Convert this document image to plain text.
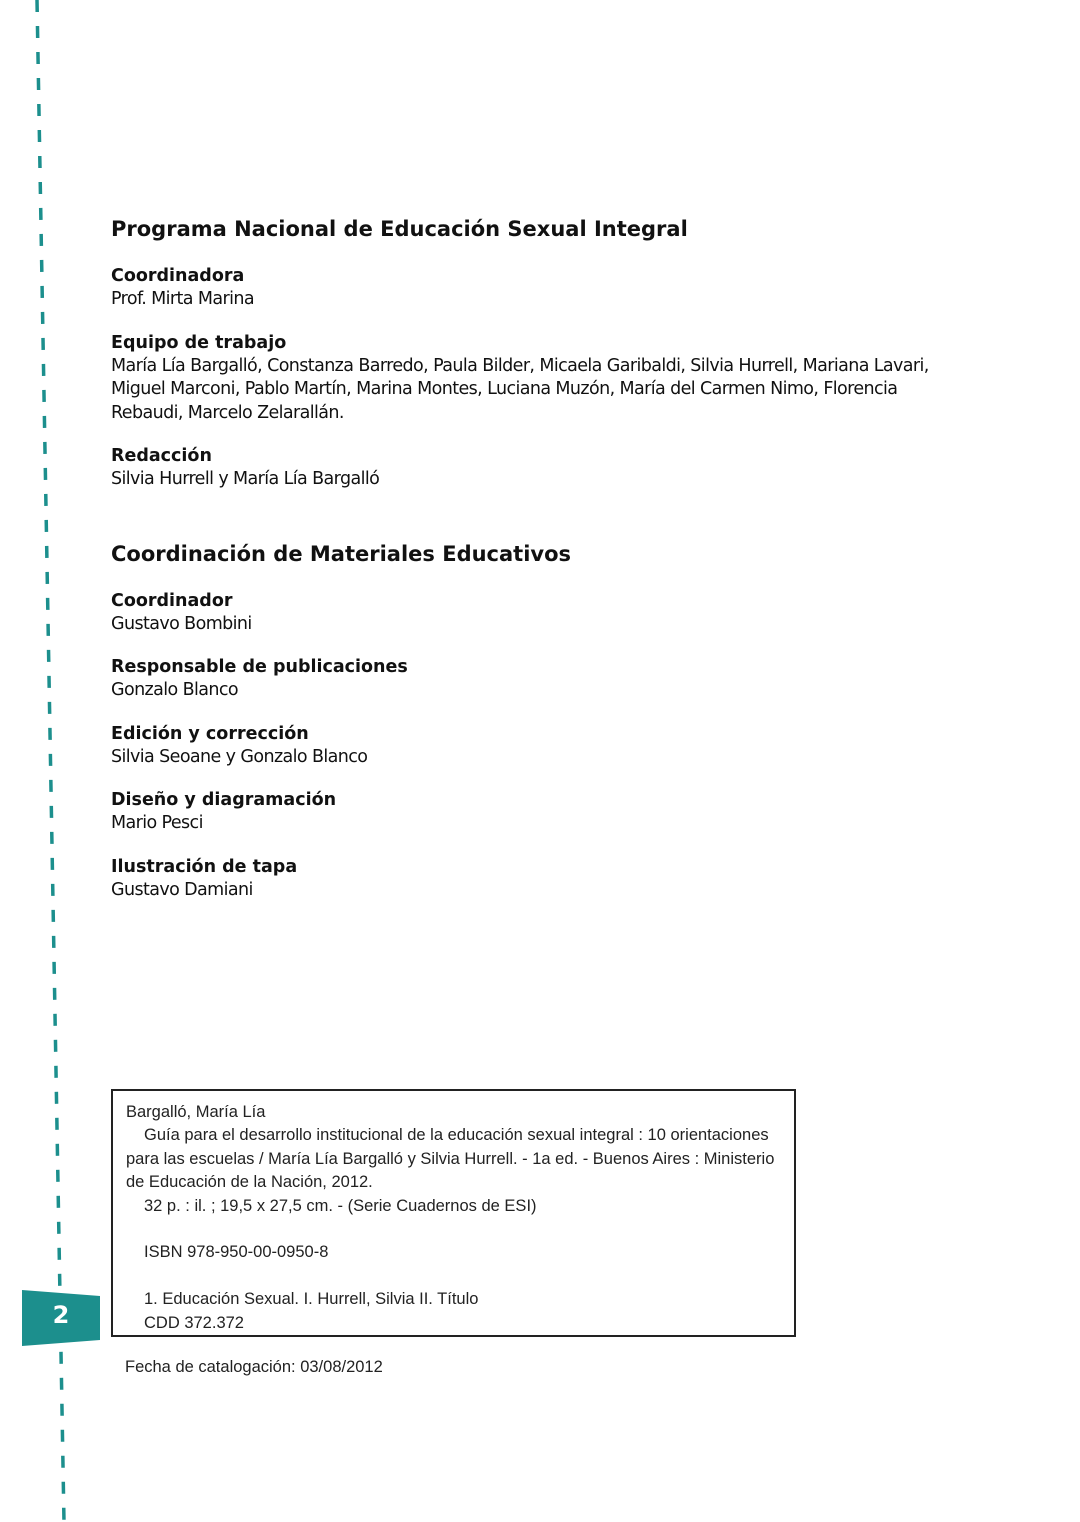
2
Programa Nacional de Educación Sexual Integral

Coordinadora

Prof. Mirta Marina

Equipo de trabajo

María Lía Bargalló, Constanza Barredo, Paula Bilder, Micaela Garibaldi, Silvia Hurrell, Mariana Lavari, Miguel Marconi, Pablo Martín, Marina Montes, Luciana Muzón, María del Carmen Nimo, Florencia Rebaudi, Marcelo Zelarallán.

Redacción

Silvia Hurrell y María Lía Bargalló

Coordinación de Materiales Educativos

Coordinador

Gustavo Bombini

Responsable de publicaciones

Gonzalo Blanco

Edición y corrección

Silvia Seoane y Gonzalo Blanco

Diseño y diagramación

Mario Pesci

Ilustración de tapa

Gustavo Damiani

Bargalló, María Lía

Guía para el desarrollo institucional de la educación sexual integral : 10 orientaciones para las escuelas / María Lía Bargalló y Silvia Hurrell. - 1a ed. - Buenos Aires : Ministerio de Educación de la Nación, 2012.

32 p. : il. ; 19,5 x 27,5 cm. - (Serie Cuadernos de ESI)

ISBN 978-950-00-0950-8

1. Educación Sexual. I. Hurrell, Silvia II. Título

CDD 372.372

Fecha de catalogación: 03/08/2012
